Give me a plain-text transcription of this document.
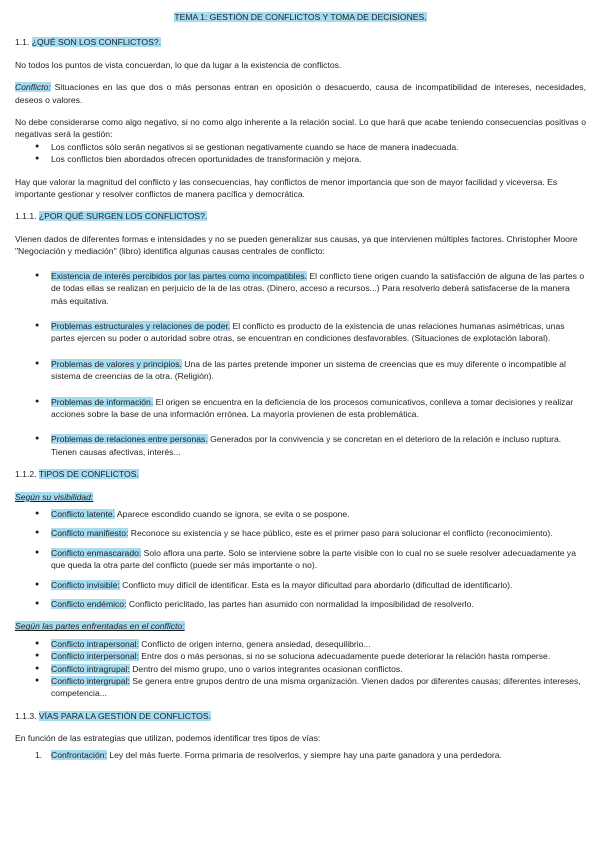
TEMA 1: GESTIÓN DE CONFLICTOS Y TOMA DE DECISIONES.

1.1. ¿QUÉ SON LOS CONFLICTOS?.

No todos los puntos de vista concuerdan, lo que da lugar a la existencia de conflictos.

Conflicto: Situaciones en las que dos o más personas entran en oposición o desacuerdo, causa de incompatibilidad de intereses, necesidades, deseos o valores.

No debe considerarse como algo negativo, si no como algo inherente a la relación social. Lo que hará que acabe teniendo consecuencias positivas o negativas será la gestión:

● Los conflictos sólo serán negativos si se gestionan negativamente cuando se hace de manera inadecuada.
● Los conflictos bien abordados ofrecen oportunidades de transformación y mejora.

Hay que valorar la magnitud del conflicto y las consecuencias, hay conflictos de menor importancia que son de mayor facilidad y viceversa. Es importante gestionar y resolver conflictos de manera pacífica y democrática.

1.1.1. ¿POR QUÉ SURGEN LOS CONFLICTOS?.

Vienen dados de diferentes formas e intensidades y no se pueden generalizar sus causas, ya que intervienen múltiples factores. Christopher Moore "Negociación y mediación" (libro) identifica algunas causas centrales de conflicto:

● Existencia de interés percibidos por las partes como incompatibles. El conflicto tiene origen cuando la satisfacción de alguna de las partes o de todas ellas se realizan en perjuicio de la de las otras. (Dinero, acceso a recursos...) Para resolverlo deberá satisfacerse de la manera más equitativa.
● Problemas estructurales y relaciones de poder. El conflicto es producto de la existencia de unas relaciones humanas asimétricas, unas partes ejercen su poder o autoridad sobre otras, se encuentran en condiciones desfavorables. (Situaciones de explotación laboral).
● Problemas de valores y principios. Una de las partes pretende imponer un sistema de creencias que es muy diferente o incompatible al sistema de creencias de la otra. (Religión).
● Problemas de información. El origen se encuentra en la deficiencia de los procesos comunicativos, conlleva a tomar decisiones y realizar acciones sobre la base de una información errónea. La mayoría provienen de esta problemática.
● Problemas de relaciones entre personas. Generados por la convivencia y se concretan en el deterioro de la relación e incluso ruptura. Tienen causas afectivas, interés...

1.1.2. TIPOS DE CONFLICTOS.

Según su visibilidad:

● Conflicto latente. Aparece escondido cuando se ignora, se evita o se pospone.
● Conflicto manifiesto: Reconoce su existencia y se hace público, este es el primer paso para solucionar el conflicto (reconocimiento).
● Conflicto enmascarado: Solo aflora una parte. Solo se interviene sobre la parte visible con lo cual no se suele resolver adecuadamente ya que queda la otra parte del conflicto (puede ser más importante o no).
● Conflicto invisible: Conflicto muy difícil de identificar. Esta es la mayor dificultad para abordarlo (dificultad de identificarlo).
● Conflicto endémico: Conflicto periclitado, las partes han asumido con normalidad la imposibilidad de resolverlo.

Según las partes enfrentadas en el conflicto:

● Conflicto intrapersonal: Conflicto de origen interno, genera ansiedad, desequilibrio...
● Conflicto interpersonal: Entre dos o más personas, si no se soluciona adecuadamente puede deteriorar la relación hasta romperse.
● Conflicto intragrupal: Dentro del mismo grupo, uno o varios integrantes ocasionan conflictos.
● Conflicto intergrupal: Se genera entre grupos dentro de una misma organización. Vienen dados por diferentes causas; diferentes intereses, competencia...

1.1.3. VÍAS PARA LA GESTIÓN DE CONFLICTOS.

En función de las estrategias que utilizan, podemos identificar tres tipos de vías:

1. Confrontación: Ley del más fuerte. Forma primaria de resolverlos, y siempre hay una parte ganadora y una perdedora.
